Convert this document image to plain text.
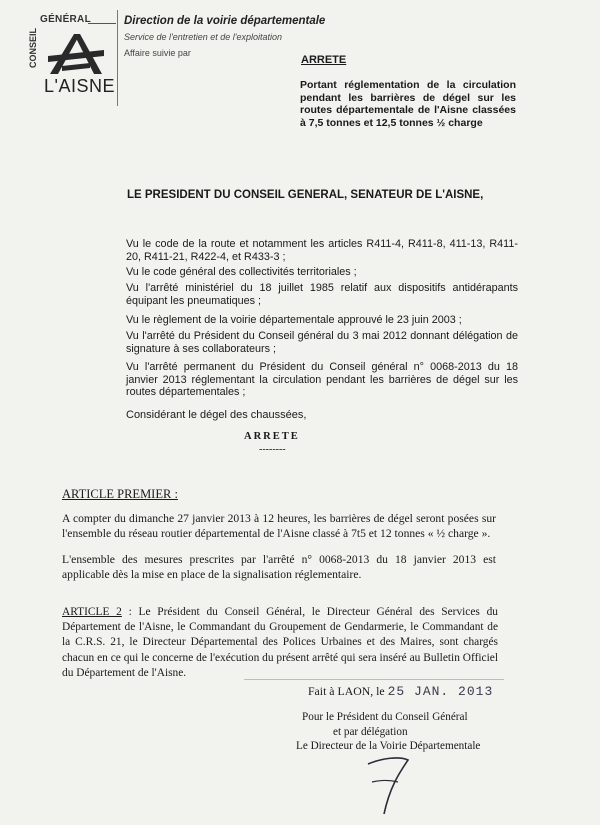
GÉNÉRAL
CONSEIL
L'AISNE
Direction de la voirie départementale
Service de l'entretien et de l'exploitation
Affaire suivie par
ARRETE
Portant réglementation de la circulation pendant les barrières de dégel sur les routes départementale de l'Aisne classées à 7,5 tonnes et 12,5 tonnes ½ charge
LE PRESIDENT DU CONSEIL GENERAL, SENATEUR DE L'AISNE,
Vu le code de la route et notamment les articles R411-4, R411-8, 411-13, R411-20, R411-21, R422-4, et R433-3 ;
Vu le code général des collectivités territoriales ;
Vu l'arrêté ministériel du 18 juillet 1985 relatif aux dispositifs antidérapants équipant les pneumatiques ;
Vu le règlement de la voirie départementale approuvé le 23 juin 2003 ;
Vu l'arrêté du Président du Conseil général du 3 mai 2012 donnant délégation de signature à ses collaborateurs ;
Vu l'arrêté permanent du Président du Conseil général n° 0068-2013 du 18 janvier 2013 réglementant la circulation pendant les barrières de dégel sur les routes départementales ;
Considérant le dégel des chaussées,
ARRETE
--------
ARTICLE PREMIER :
A compter du dimanche 27 janvier 2013 à 12 heures, les barrières de dégel seront posées sur l'ensemble du réseau routier départemental de l'Aisne classé à 7t5 et 12 tonnes « ½ charge ».
L'ensemble des mesures prescrites par l'arrêté n° 0068-2013 du 18 janvier 2013 est applicable dès la mise en place de la signalisation réglementaire.
ARTICLE 2 : Le Président du Conseil Général, le Directeur Général des Services du Département de l'Aisne, le Commandant du Groupement de Gendarmerie, le Commandant de la C.R.S. 21, le Directeur Départemental des Polices Urbaines et des Maires, sont chargés chacun en ce qui le concerne de l'exécution du présent arrêté qui sera inséré au Bulletin Officiel du Département de l'Aisne.
Fait à LAON, le 25 JAN. 2013
Pour le Président du Conseil Général
et par délégation
Le Directeur de la Voirie Départementale
